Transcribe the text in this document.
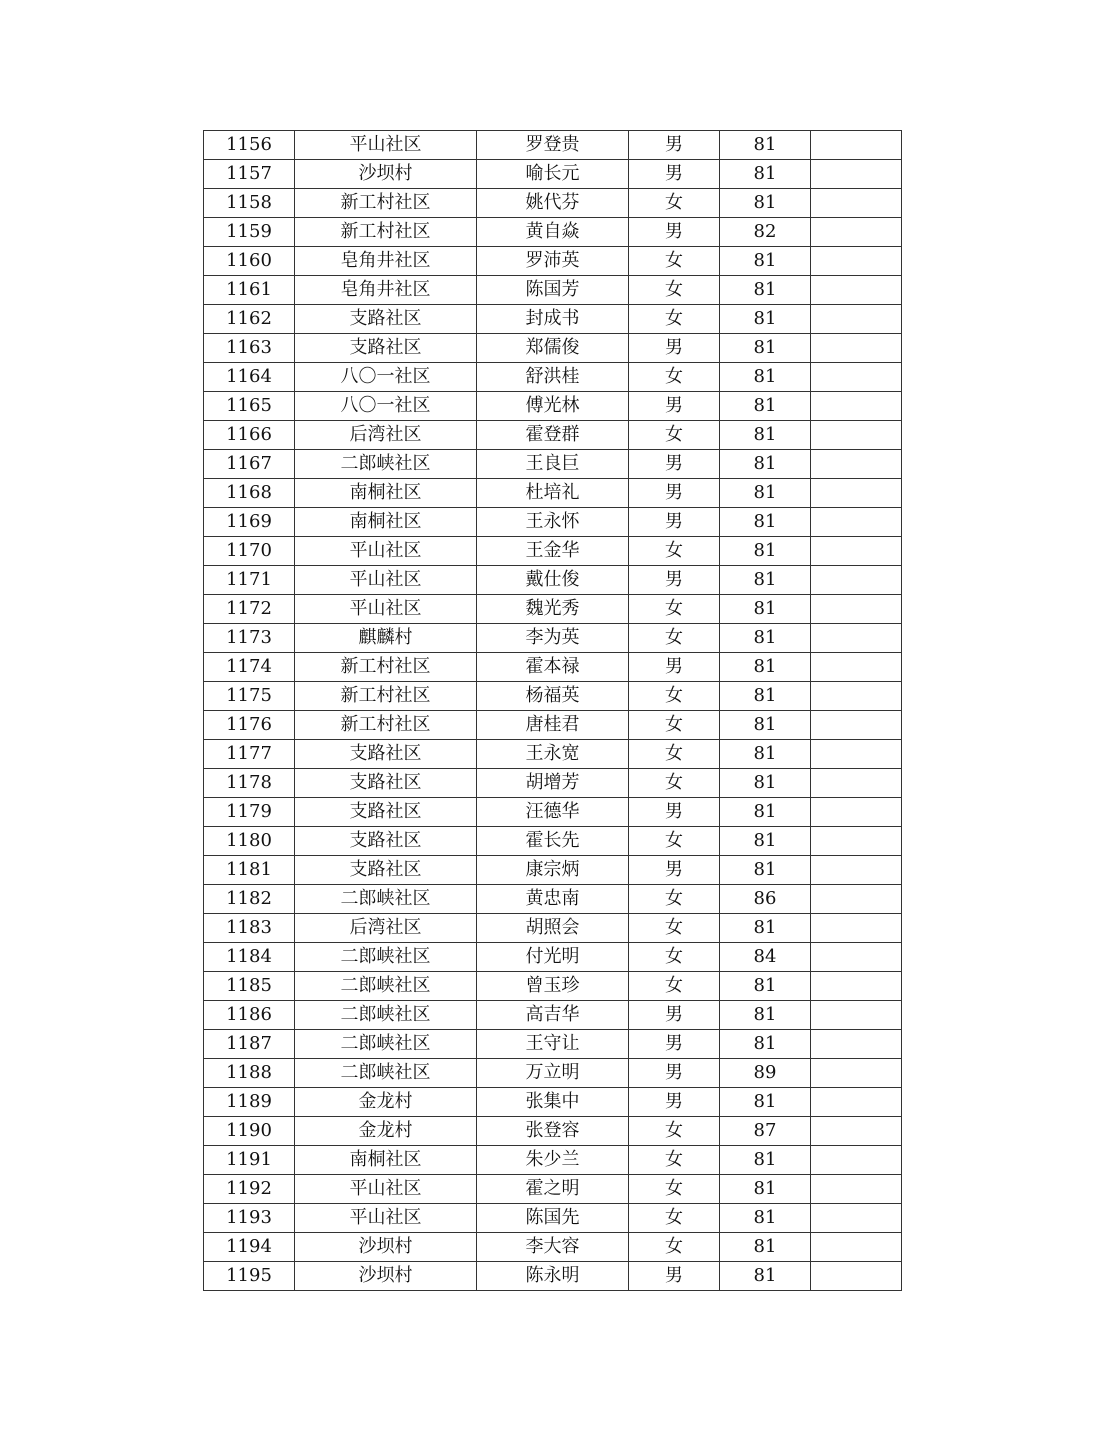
1156	平山社区	罗登贵	男	81	
1157	沙坝村	喻长元	男	81	
1158	新工村社区	姚代芬	女	81	
1159	新工村社区	黄自焱	男	82	
1160	皂角井社区	罗沛英	女	81	
1161	皂角井社区	陈国芳	女	81	
1162	支路社区	封成书	女	81	
1163	支路社区	郑儒俊	男	81	
1164	八〇一社区	舒洪桂	女	81	
1165	八〇一社区	傅光林	男	81	
1166	后湾社区	霍登群	女	81	
1167	二郎峡社区	王良巨	男	81	
1168	南桐社区	杜培礼	男	81	
1169	南桐社区	王永怀	男	81	
1170	平山社区	王金华	女	81	
1171	平山社区	戴仕俊	男	81	
1172	平山社区	魏光秀	女	81	
1173	麒麟村	李为英	女	81	
1174	新工村社区	霍本禄	男	81	
1175	新工村社区	杨福英	女	81	
1176	新工村社区	唐桂君	女	81	
1177	支路社区	王永宽	女	81	
1178	支路社区	胡增芳	女	81	
1179	支路社区	汪德华	男	81	
1180	支路社区	霍长先	女	81	
1181	支路社区	康宗炳	男	81	
1182	二郎峡社区	黄忠南	女	86	
1183	后湾社区	胡照会	女	81	
1184	二郎峡社区	付光明	女	84	
1185	二郎峡社区	曾玉珍	女	81	
1186	二郎峡社区	高吉华	男	81	
1187	二郎峡社区	王守让	男	81	
1188	二郎峡社区	万立明	男	89	
1189	金龙村	张集中	男	81	
1190	金龙村	张登容	女	87	
1191	南桐社区	朱少兰	女	81	
1192	平山社区	霍之明	女	81	
1193	平山社区	陈国先	女	81	
1194	沙坝村	李大容	女	81	
1195	沙坝村	陈永明	男	81	
